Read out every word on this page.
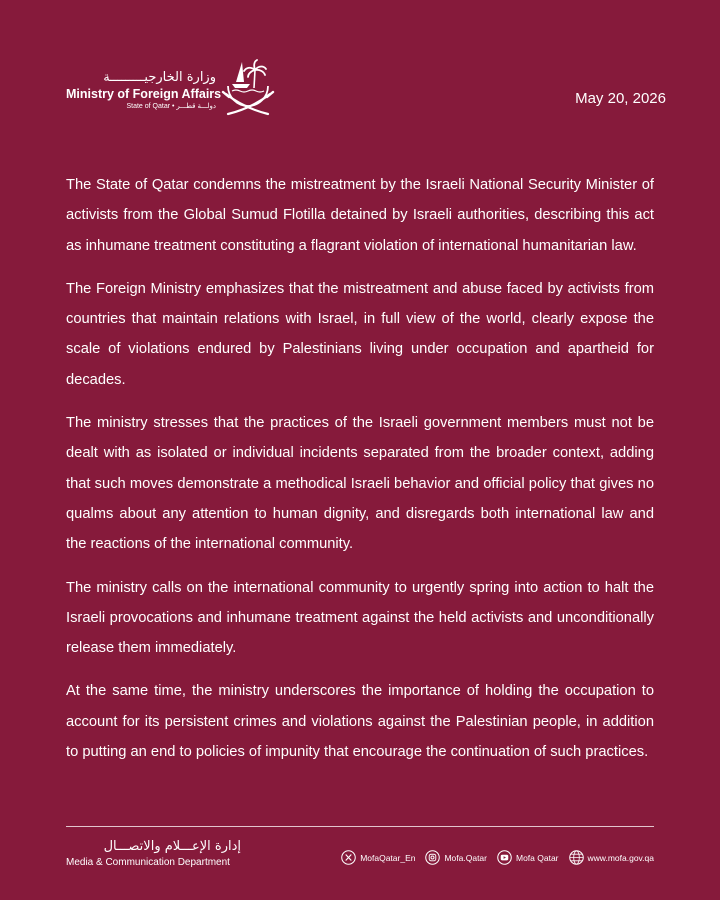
وزارة الخارجيـــــــــة
Ministry of Foreign Affairs
State of Qatar • دولـــة قطـــر	May 20, 2026

The State of Qatar condemns the mistreatment by the Israeli National Security Minister of activists from the Global Sumud Flotilla detained by Israeli authorities, describing this act as inhumane treatment constituting a flagrant violation of international humanitarian law.

The Foreign Ministry emphasizes that the mistreatment and abuse faced by activists from countries that maintain relations with Israel, in full view of the world, clearly expose the scale of violations endured by Palestinians living under occupation and apartheid for decades.

The ministry stresses that the practices of the Israeli government members must not be dealt with as isolated or individual incidents separated from the broader context, adding that such moves demonstrate a methodical Israeli behavior and official policy that gives no qualms about any attention to human dignity, and disregards both international law and the reactions of the international community.

The ministry calls on the international community to urgently spring into action to halt the Israeli provocations and inhumane treatment against the held activists and unconditionally release them immediately.

At the same time, the ministry underscores the importance of holding the occupation to account for its persistent crimes and violations against the Palestinian people, in addition to putting an end to policies of impunity that encourage the continuation of such practices.

إدارة الإعـــلام والاتصـــال
Media & Communication Department	MofaQatar_En	Mofa.Qatar	Mofa Qatar	www.mofa.gov.qa
